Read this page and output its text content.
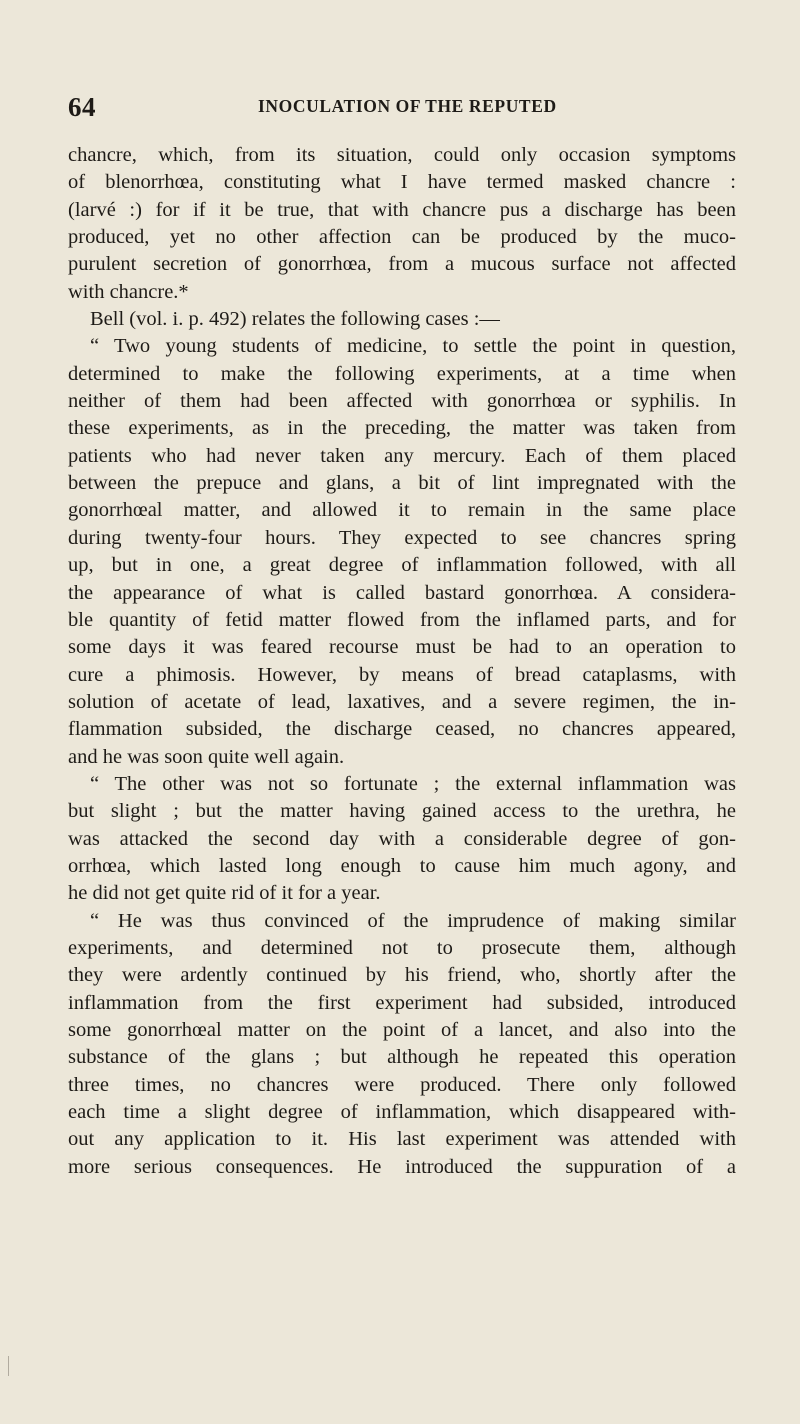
64	INOCULATION OF THE REPUTED
chancre, which, from its situation, could only occasion symptoms
of blenorrhœa, constituting what I have termed masked chancre :
(larvé :) for if it be true, that with chancre pus a discharge has been
produced, yet no other affection can be produced by the muco-
purulent secretion of gonorrhœa, from a mucous surface not affected
with chancre.*
Bell (vol. i. p. 492) relates the following cases :—
“ Two young students of medicine, to settle the point in question,
determined to make the following experiments, at a time when
neither of them had been affected with gonorrhœa or syphilis. In
these experiments, as in the preceding, the matter was taken from
patients who had never taken any mercury. Each of them placed
between the prepuce and glans, a bit of lint impregnated with the
gonorrhœal matter, and allowed it to remain in the same place
during twenty-four hours. They expected to see chancres spring
up, but in one, a great degree of inflammation followed, with all
the appearance of what is called bastard gonorrhœa. A considera-
ble quantity of fetid matter flowed from the inflamed parts, and for
some days it was feared recourse must be had to an operation to
cure a phimosis. However, by means of bread cataplasms, with
solution of acetate of lead, laxatives, and a severe regimen, the in-
flammation subsided, the discharge ceased, no chancres appeared,
and he was soon quite well again.
“ The other was not so fortunate ; the external inflammation was
but slight ; but the matter having gained access to the urethra, he
was attacked the second day with a considerable degree of gon-
orrhœa, which lasted long enough to cause him much agony, and
he did not get quite rid of it for a year.
“ He was thus convinced of the imprudence of making similar
experiments, and determined not to prosecute them, although
they were ardently continued by his friend, who, shortly after the
inflammation from the first experiment had subsided, introduced
some gonorrhœal matter on the point of a lancet, and also into the
substance of the glans ; but although he repeated this operation
three times, no chancres were produced. There only followed
each time a slight degree of inflammation, which disappeared with-
out any application to it. His last experiment was attended with
more serious consequences. He introduced the suppuration of a
